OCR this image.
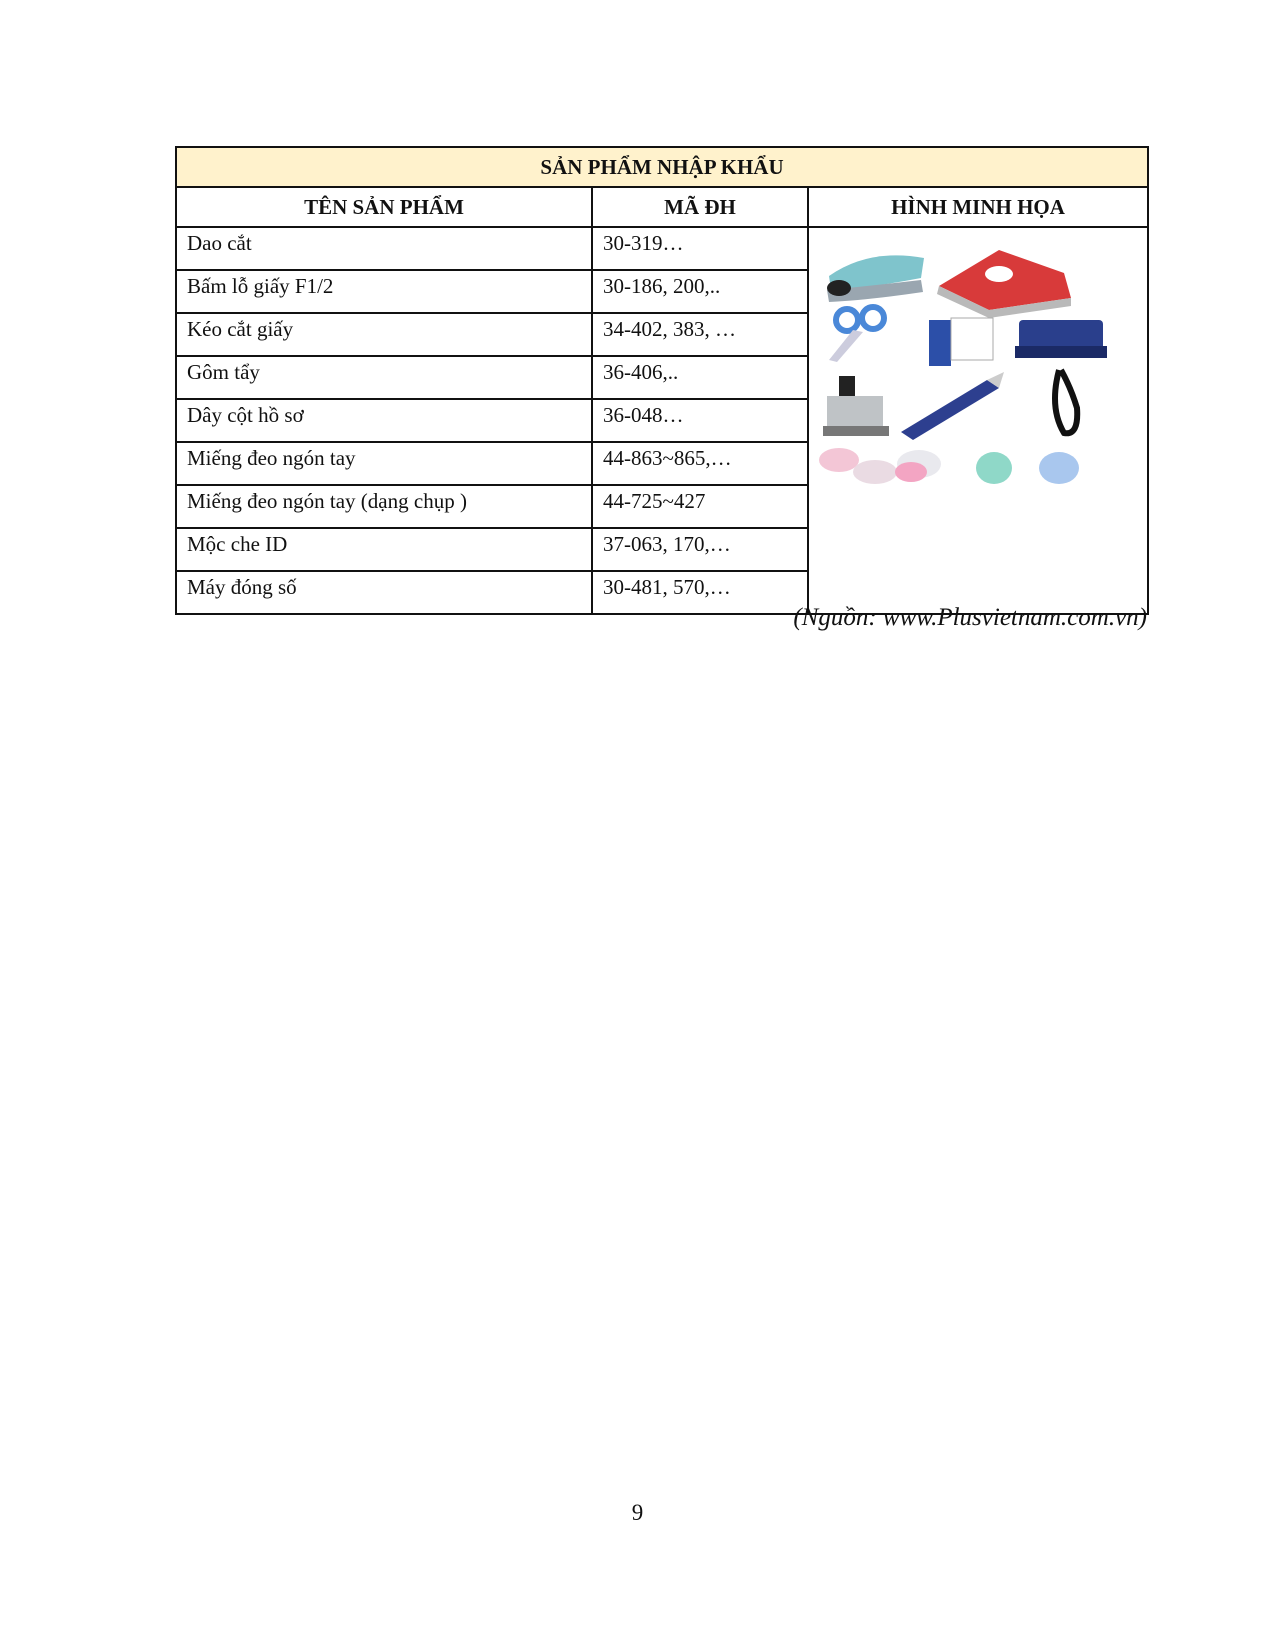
SẢN PHẨM NHẬP KHẨU		
TÊN SẢN PHẨM	MÃ ĐH	HÌNH MINH HỌA
Dao cắt	30-319…	
Bấm lỗ giấy F1/2	30-186, 200,..	
Kéo cắt giấy	34-402, 383, …	
Gôm tẩy	36-406,..	
Dây cột hồ sơ	36-048…	
Miếng đeo ngón tay	44-863~865,…	
Miếng đeo ngón tay (dạng chụp )	44-725~427	
Mộc che ID	37-063, 170,…	
Máy đóng số	30-481, 570,…	
(Nguồn: www.Plusvietnam.com.vn)
9
